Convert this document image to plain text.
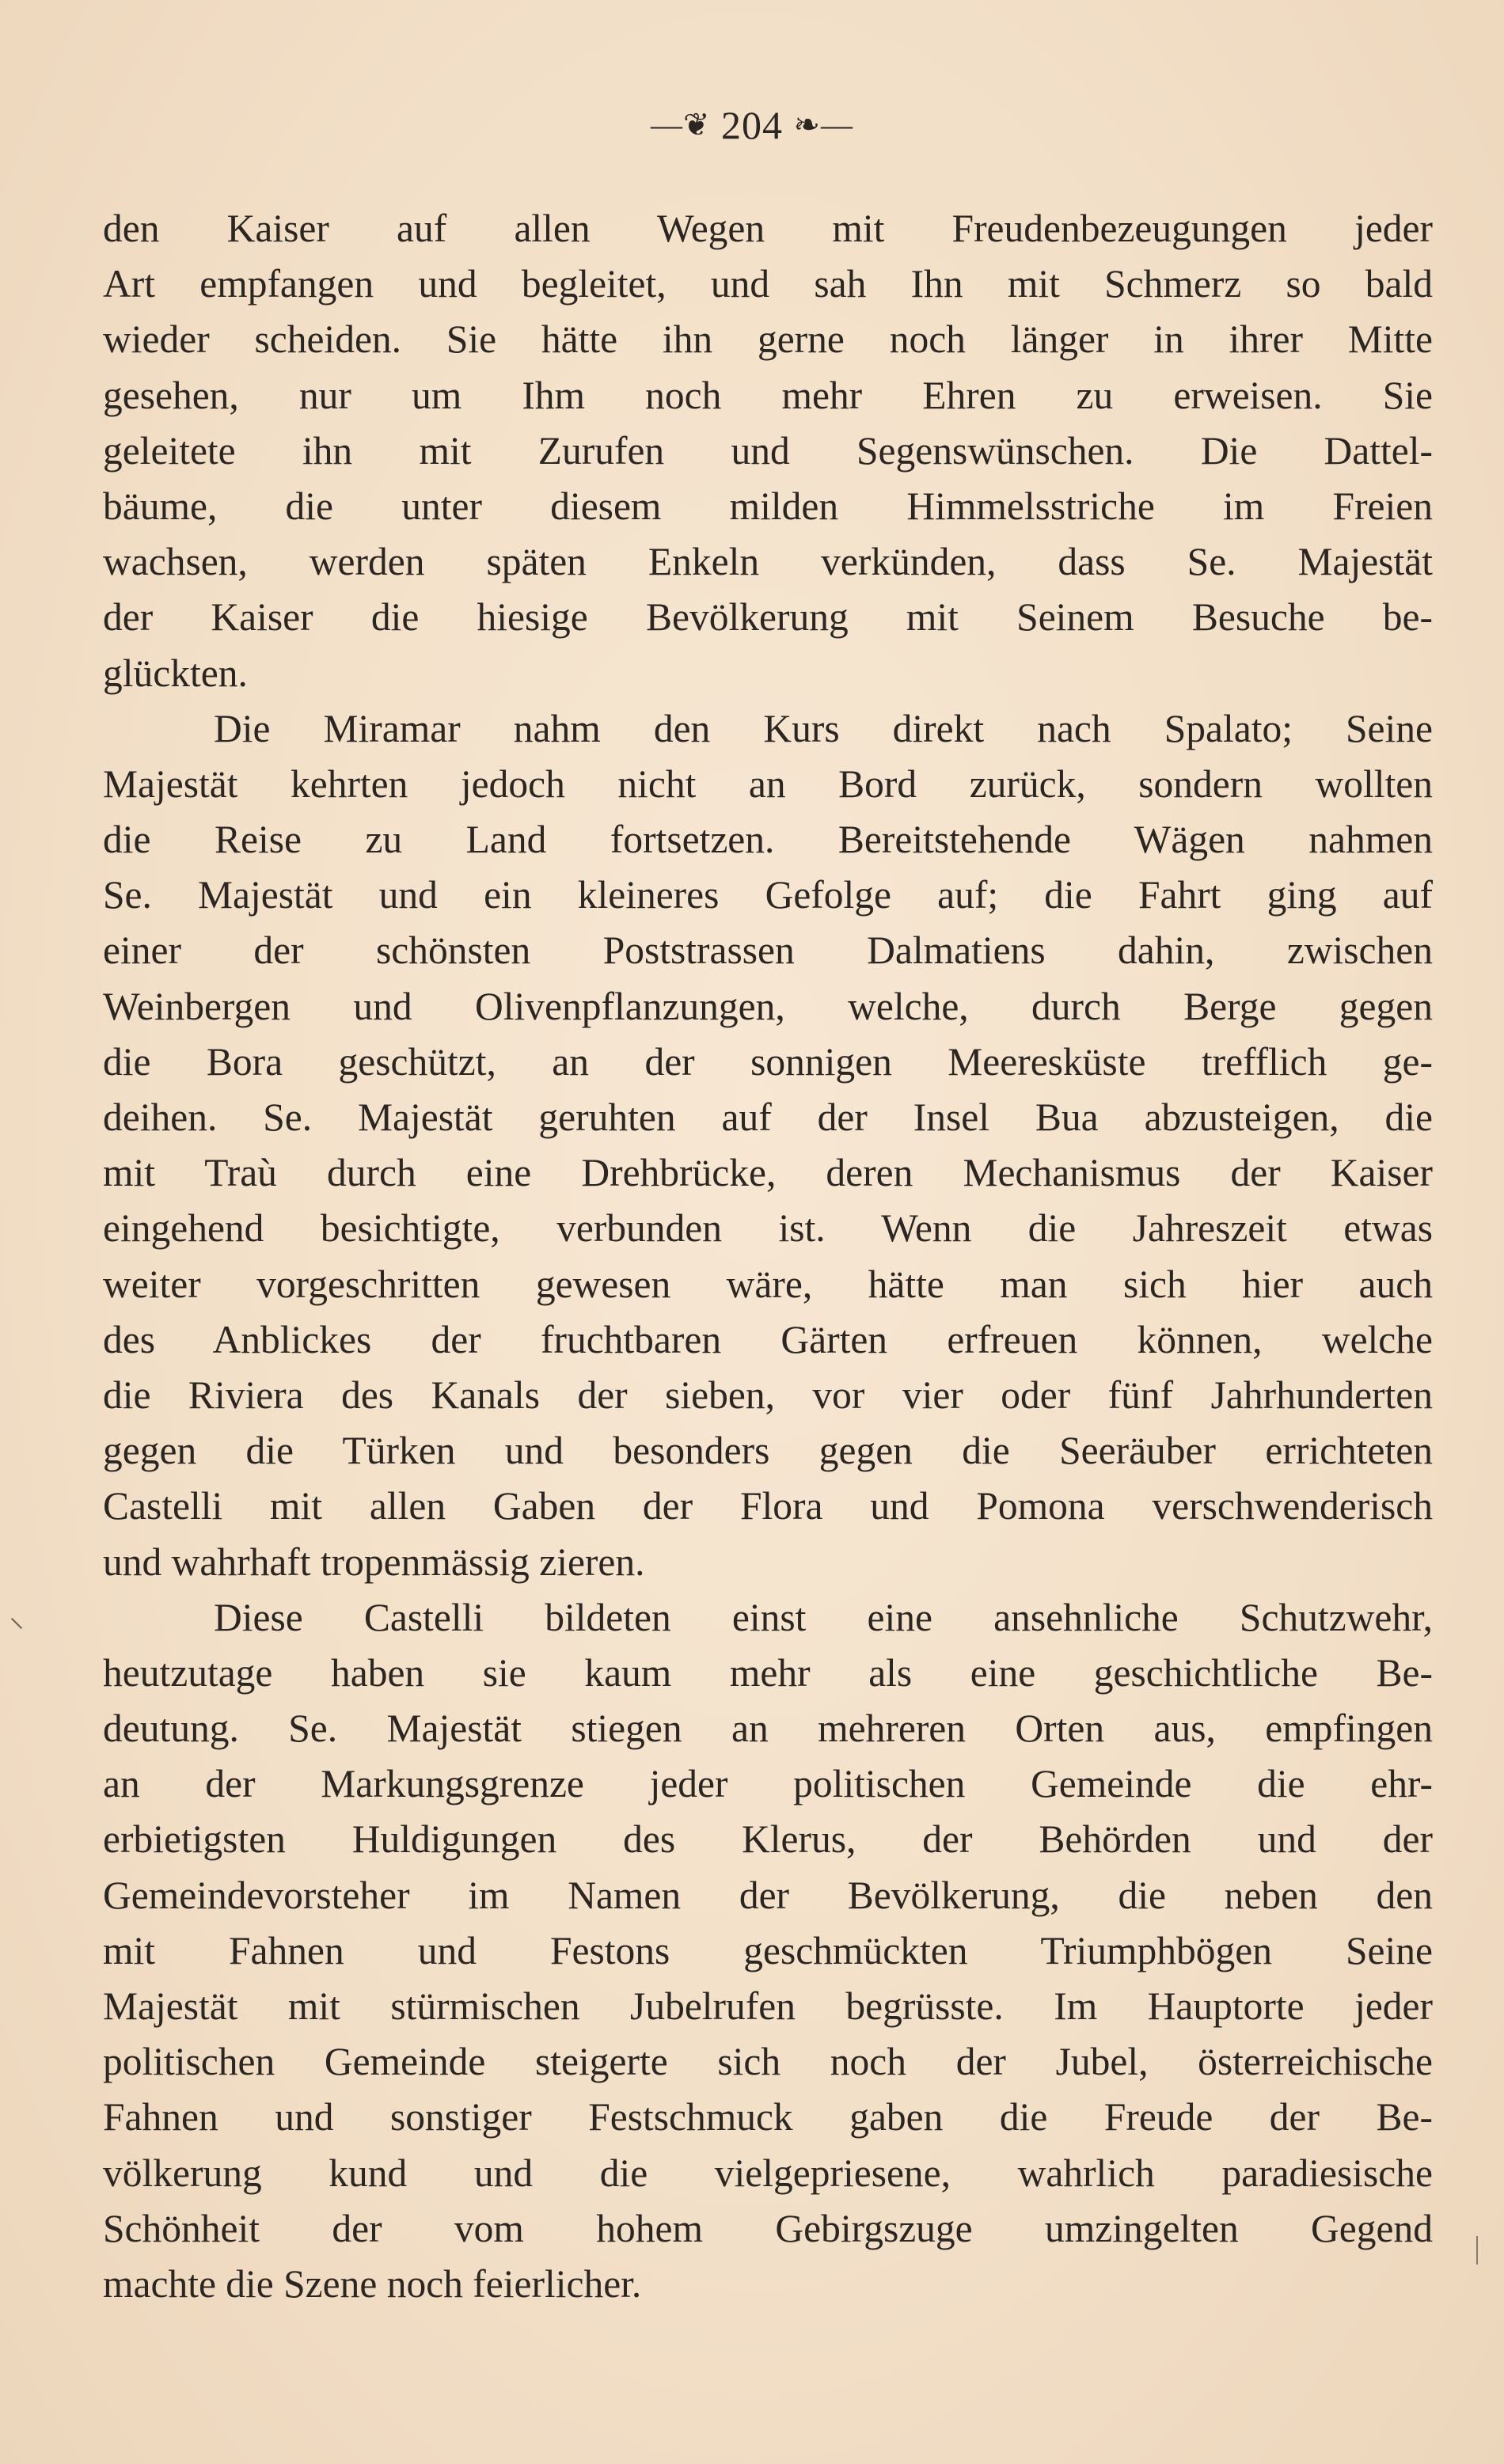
—❦ 204 ❧—
den Kaiser auf allen Wegen mit Freudenbezeugungen jeder
Art empfangen und begleitet, und sah Ihn mit Schmerz so bald
wieder scheiden. Sie hätte ihn gerne noch länger in ihrer Mitte
gesehen, nur um Ihm noch mehr Ehren zu erweisen. Sie
geleitete ihn mit Zurufen und Segenswünschen. Die Dattel-
bäume, die unter diesem milden Himmelsstriche im Freien
wachsen, werden späten Enkeln verkünden, dass Se. Majestät
der Kaiser die hiesige Bevölkerung mit Seinem Besuche be-
glückten.
Die Miramar nahm den Kurs direkt nach Spalato; Seine
Majestät kehrten jedoch nicht an Bord zurück, sondern wollten
die Reise zu Land fortsetzen. Bereitstehende Wägen nahmen
Se. Majestät und ein kleineres Gefolge auf; die Fahrt ging auf
einer der schönsten Poststrassen Dalmatiens dahin, zwischen
Weinbergen und Olivenpflanzungen, welche, durch Berge gegen
die Bora geschützt, an der sonnigen Meeresküste trefflich ge-
deihen. Se. Majestät geruhten auf der Insel Bua abzusteigen, die
mit Traù durch eine Drehbrücke, deren Mechanismus der Kaiser
eingehend besichtigte, verbunden ist. Wenn die Jahreszeit etwas
weiter vorgeschritten gewesen wäre, hätte man sich hier auch
des Anblickes der fruchtbaren Gärten erfreuen können, welche
die Riviera des Kanals der sieben, vor vier oder fünf Jahrhunderten
gegen die Türken und besonders gegen die Seeräuber errichteten
Castelli mit allen Gaben der Flora und Pomona verschwenderisch
und wahrhaft tropenmässig zieren.
Diese Castelli bildeten einst eine ansehnliche Schutzwehr,
heutzutage haben sie kaum mehr als eine geschichtliche Be-
deutung. Se. Majestät stiegen an mehreren Orten aus, empfingen
an der Markungsgrenze jeder politischen Gemeinde die ehr-
erbietigsten Huldigungen des Klerus, der Behörden und der
Gemeindevorsteher im Namen der Bevölkerung, die neben den
mit Fahnen und Festons geschmückten Triumphbögen Seine
Majestät mit stürmischen Jubelrufen begrüsste. Im Hauptorte jeder
politischen Gemeinde steigerte sich noch der Jubel, österreichische
Fahnen und sonstiger Festschmuck gaben die Freude der Be-
völkerung kund und die vielgepriesene, wahrlich paradiesische
Schönheit der vom hohem Gebirgszuge umzingelten Gegend
machte die Szene noch feierlicher.
